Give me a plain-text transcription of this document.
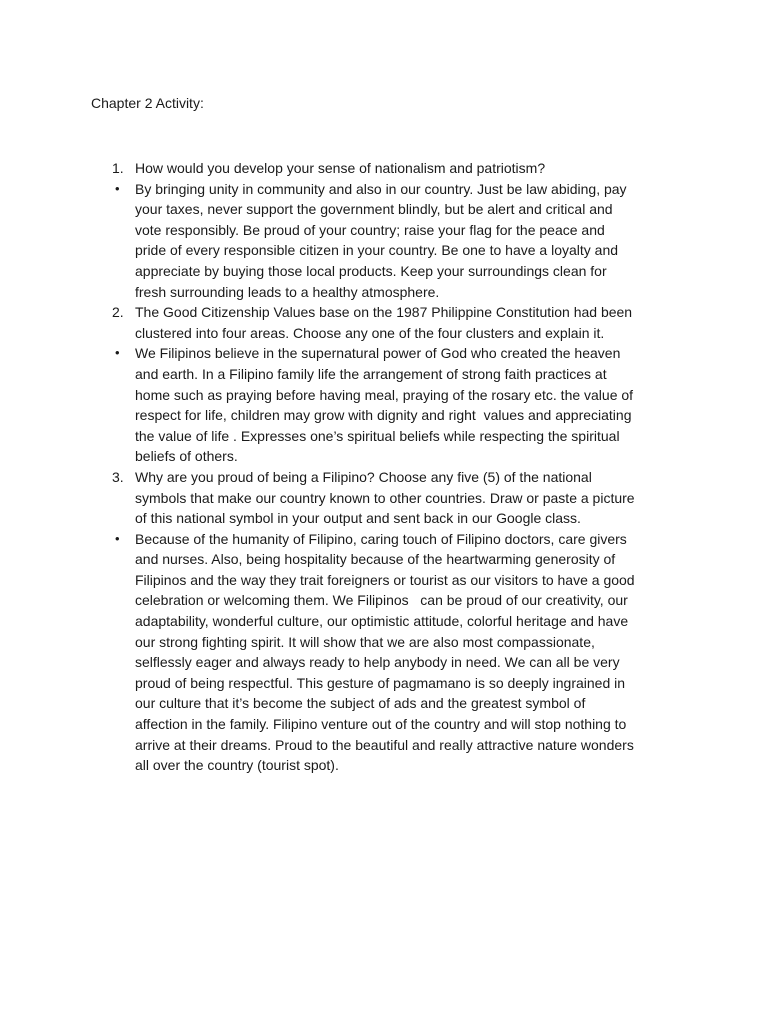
Chapter 2 Activity:
1. How would you develop your sense of nationalism and patriotism?
•	By bringing unity in community and also in our country. Just be law abiding, pay
your taxes, never support the government blindly, but be alert and critical and
vote responsibly. Be proud of your country; raise your flag for the peace and
pride of every responsible citizen in your country. Be one to have a loyalty and
appreciate by buying those local products. Keep your surroundings clean for
fresh surrounding leads to a healthy atmosphere.
2. The Good Citizenship Values base on the 1987 Philippine Constitution had been
clustered into four areas. Choose any one of the four clusters and explain it.
•	We Filipinos believe in the supernatural power of God who created the heaven
and earth. In a Filipino family life the arrangement of strong faith practices at
home such as praying before having meal, praying of the rosary etc. the value of
respect for life, children may grow with dignity and right  values and appreciating
the value of life . Expresses one’s spiritual beliefs while respecting the spiritual
beliefs of others.
3. Why are you proud of being a Filipino? Choose any five (5) of the national
symbols that make our country known to other countries. Draw or paste a picture
of this national symbol in your output and sent back in our Google class.
•	Because of the humanity of Filipino, caring touch of Filipino doctors, care givers
and nurses. Also, being hospitality because of the heartwarming generosity of
Filipinos and the way they trait foreigners or tourist as our visitors to have a good
celebration or welcoming them. We Filipinos   can be proud of our creativity, our
adaptability, wonderful culture, our optimistic attitude, colorful heritage and have
our strong fighting spirit. It will show that we are also most compassionate,
selflessly eager and always ready to help anybody in need. We can all be very
proud of being respectful. This gesture of pagmamano is so deeply ingrained in
our culture that it’s become the subject of ads and the greatest symbol of
affection in the family. Filipino venture out of the country and will stop nothing to
arrive at their dreams. Proud to the beautiful and really attractive nature wonders
all over the country (tourist spot).
